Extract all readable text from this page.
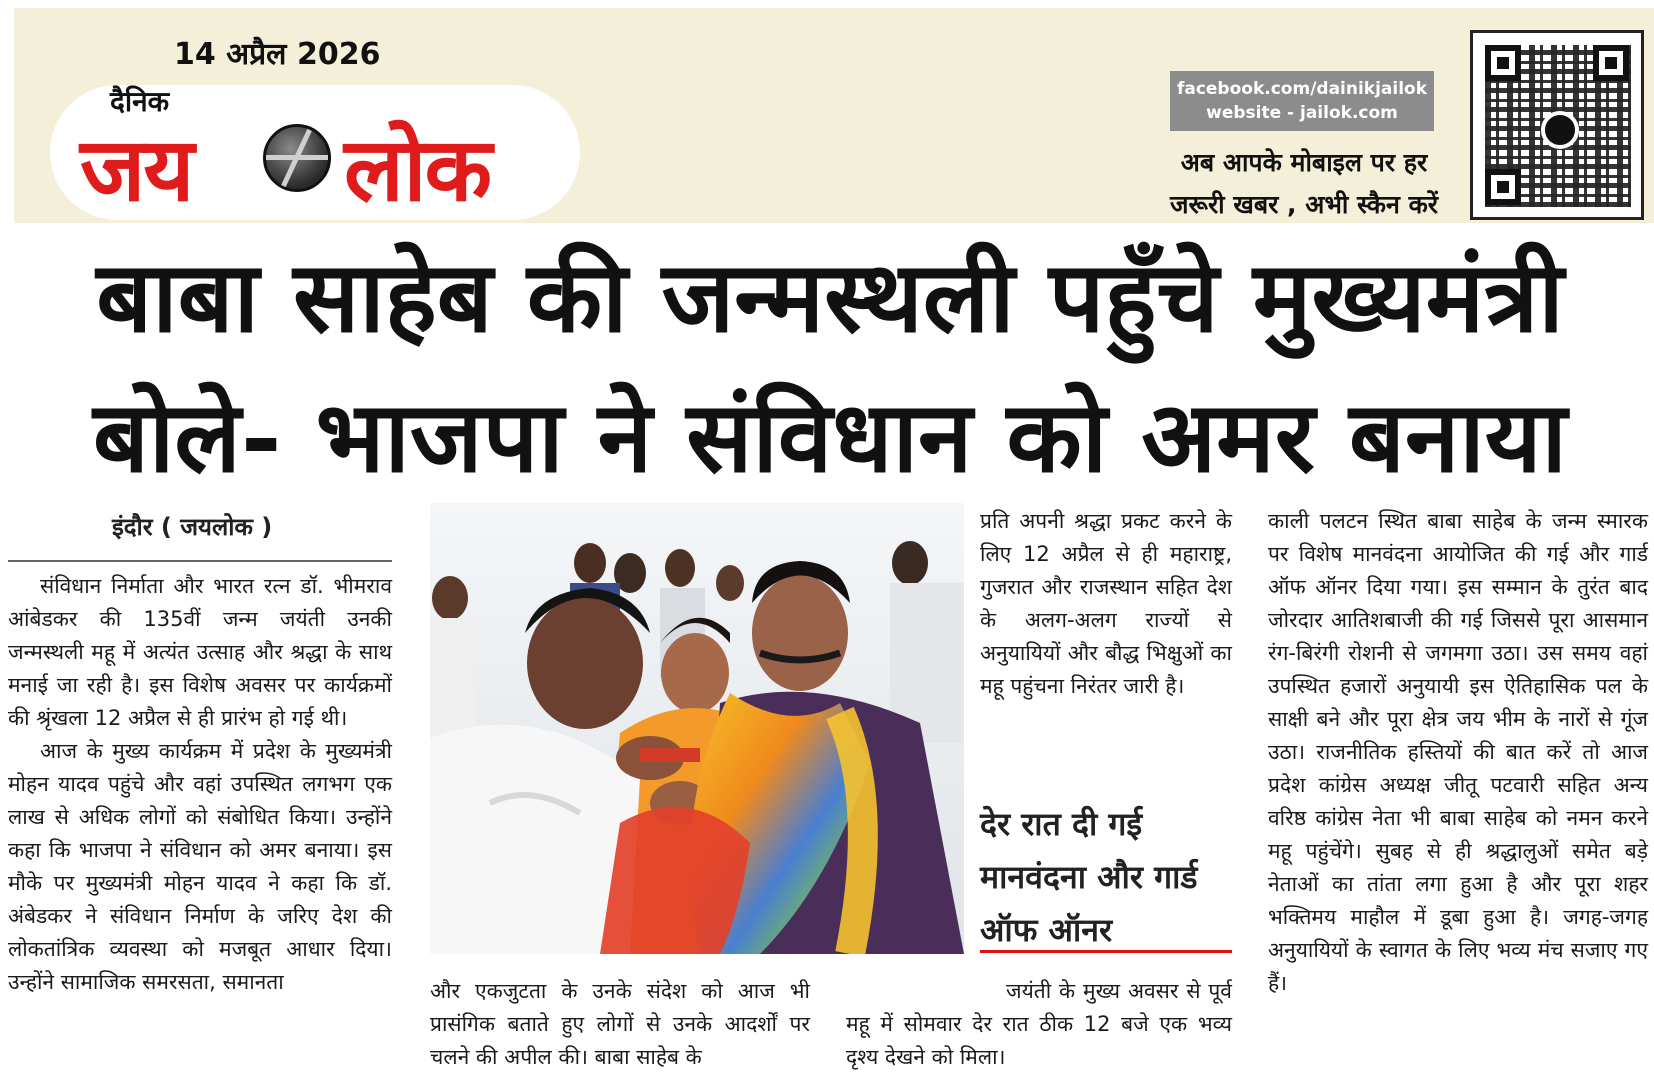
14 अप्रैल 2026
दैनिक
जय लोक
facebook.com/dainikjailok
website - jailok.com
अब आपके मोबाइल पर हर
जरूरी खबर , अभी स्कैन करें
बाबा साहेब की जन्मस्थली पहुँचे मुख्यमंत्री
बोले- भाजपा ने संविधान को अमर बनाया
इंदौर ( जयलोक )

संविधान निर्माता और भारत रत्न डॉ. भीमराव आंबेडकर की 135वीं जन्म जयंती उनकी जन्मस्थली महू में अत्यंत उत्साह और श्रद्धा के साथ मनाई जा रही है। इस विशेष अवसर पर कार्यक्रमों की श्रृंखला 12 अप्रैल से ही प्रारंभ हो गई थी।

आज के मुख्य कार्यक्रम में प्रदेश के मुख्यमंत्री मोहन यादव पहुंचे और वहां उपस्थित लगभग एक लाख से अधिक लोगों को संबोधित किया। उन्होंने कहा कि भाजपा ने संविधान को अमर बनाया। इस मौके पर मुख्यमंत्री मोहन यादव ने कहा कि डॉ. अंबेडकर ने संविधान निर्माण के जरिए देश की लोकतांत्रिक व्यवस्था को मजबूत आधार दिया। उन्होंने सामाजिक समरसता, समानता	और एकजुटता के उनके संदेश को आज भी प्रासंगिक बताते हुए लोगों से उनके आदर्शों पर चलने की अपील की। बाबा साहेब के

प्रति अपनी श्रद्धा प्रकट करने के लिए 12 अप्रैल से ही महाराष्ट्र, गुजरात और राजस्थान सहित देश के अलग-अलग राज्यों से अनुयायियों और बौद्ध भिक्षुओं का महू पहुंचना निरंतर जारी है।

देर रात दी गई मानवंदना और गार्ड ऑफ ऑनर

जयंती के मुख्य अवसर से पूर्व महू में सोमवार देर रात ठीक 12 बजे एक भव्य दृश्य देखने को मिला।

काली पलटन स्थित बाबा साहेब के जन्म स्मारक पर विशेष मानवंदना आयोजित की गई और गार्ड ऑफ ऑनर दिया गया। इस सम्मान के तुरंत बाद जोरदार आतिशबाजी की गई जिससे पूरा आसमान रंग-बिरंगी रोशनी से जगमगा उठा। उस समय वहां उपस्थित हजारों अनुयायी इस ऐतिहासिक पल के साक्षी बने और पूरा क्षेत्र जय भीम के नारों से गूंज उठा। राजनीतिक हस्तियों की बात करें तो आज प्रदेश कांग्रेस अध्यक्ष जीतू पटवारी सहित अन्य वरिष्ठ कांग्रेस नेता भी बाबा साहेब को नमन करने महू पहुंचेंगे। सुबह से ही श्रद्धालुओं समेत बड़े नेताओं का तांता लगा हुआ है और पूरा शहर भक्तिमय माहौल में डूबा हुआ है। जगह-जगह अनुयायियों के स्वागत के लिए भव्य मंच सजाए गए हैं।
